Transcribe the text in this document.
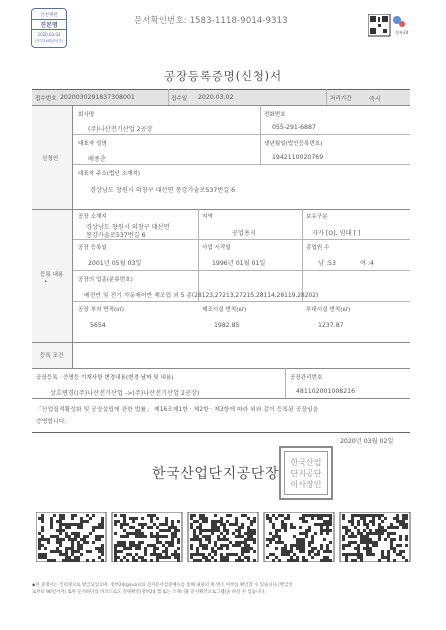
문서확인번호: 1583-1118-9014-9313
인천세관
진본명
2020.03.02
(정부24회원인증)
정부24
공장등록증명(신청)서
접수번호 2020030291837308001	접수일 2020.03.02	처리기간	즉시
신청인
회사명
(주)나산전기산업 2공장
전화번호
055-291-6887
대표자 성명
배종춘
생년월일(법인등록번호)
1942110020769
대표자 주소(법인 소재지)
경상남도 창원시 의창구 대산면 몽강가술로537번길 6
등록 내용
•
공장 소재지
경상남도 창원시 의창구 대산면
몽강가술로537번길 6
지역
공업용지
보유구분
자가 [O], 임대 [ ]
공장 등록일
2001년 05월 03일
사업 시작일
1996년 01월 01일
종업원 수
남 :53	여 :4
공장의 업종(분류번호)
배전반 및 전기 자동제어반 제조업 외 5 종(28123,27213,27215,28114,28119,28202)
공장 부지 면적(㎡)
5654
제조시설 면적(㎡)
1982.85
부대시설 면적(㎡)
1237.87
등록 조건
공장등록 · 증명등 기재사항 변경내용(변경 날짜 및 내용)
상호변경((주)나산전기산업 ->(주)나산전기산업 2공장)
공장관리번호
481102001008216
「산업집적활성화 및 공장설립에 관한 법률」 제16조제1항 · 제2항 · 제3항에 따라 위와 같이 등록된 공장임을
증명합니다.
2020년 03월 02일
한국산업단지공단장
한국산업
단지공단
이사장인
◆본 증명서는 인터넷으로 발급되었으며, 정부24(gov.kr)의 전자문서검증메뉴를 통해 내용의 위·변조 여부를 확인할 수 있습니다.(발급일
로부터 90일까지) 또한 문서하단의 바코드로도 진위확인(정부24 앱 또는 스캐너용 문서확인프로그램)을 하실 수 있습니다.
